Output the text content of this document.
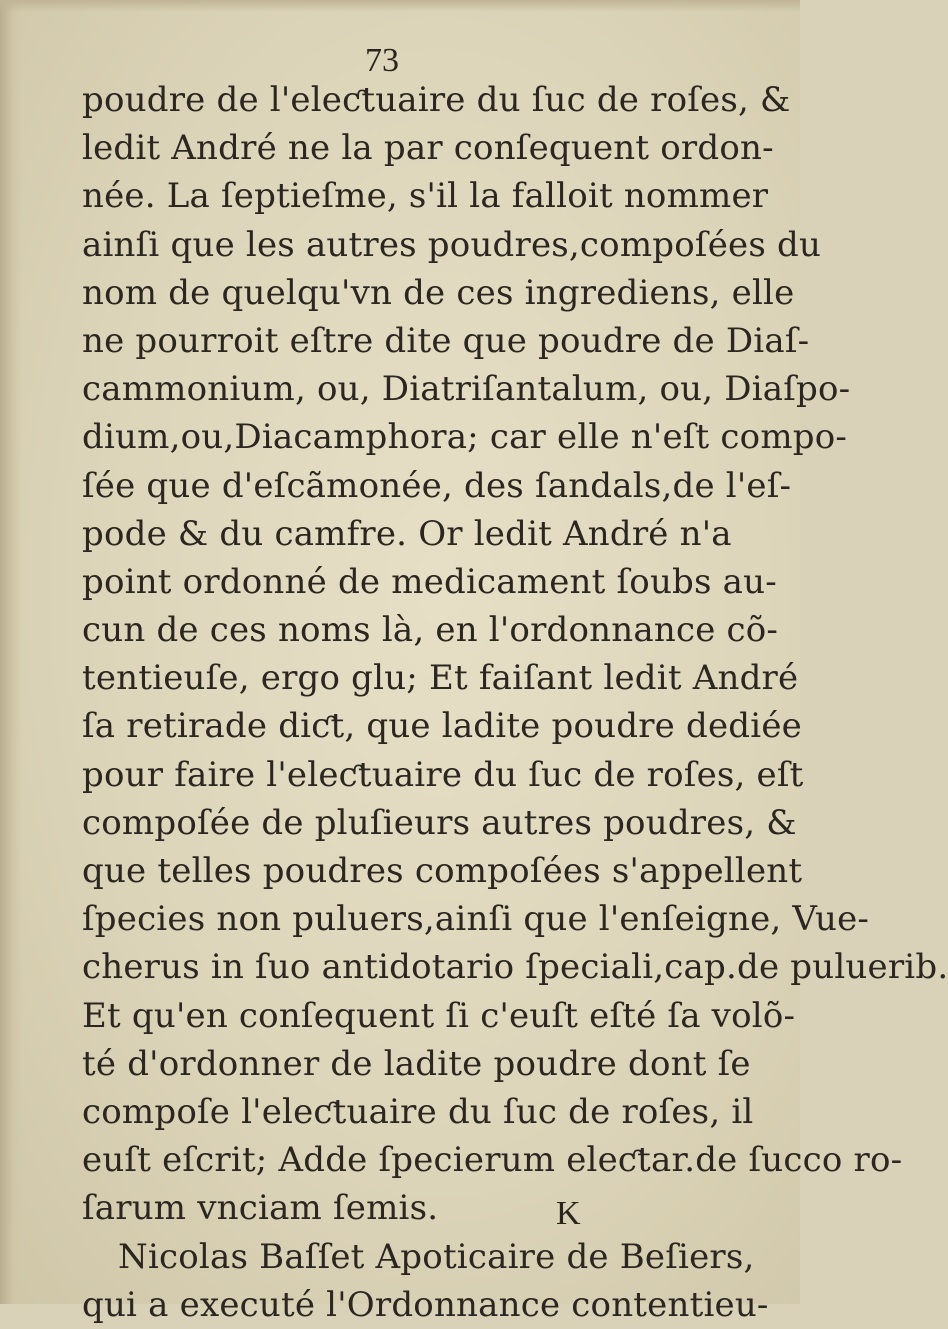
73
poudre de l'eleƈtuaire du ſuc de roſes, &
ledit André ne la par conſequent ordon-
née. La ſeptieſme, s'il la falloit nommer
ainſi que les autres poudres,compoſées du
nom de quelqu'vn de ces ingrediens, elle
ne pourroit eſtre dite que poudre de Diaſ-
cammonium, ou, Diatriſantalum, ou, Diaſpo-
dium,ou,Diacamphora; car elle n'eſt compo-
ſée que d'eſcãmonée, des ſandals,de l'eſ-
pode & du camfre. Or ledit André n'a
point ordonné de medicament ſoubs au-
cun de ces noms là, en l'ordonnance cõ-
tentieuſe, ergo glu; Et faiſant ledit André
ſa retirade diƈt, que ladite poudre dediée
pour faire l'eleƈtuaire du ſuc de roſes, eſt
compoſée de pluſieurs autres poudres, &
que telles poudres compoſées s'appellent
ſpecies non puluers,ainſi que l'enſeigne, Vue-
cherus in ſuo antidotario ſpeciali,cap.de puluerib.
Et qu'en conſequent ſi c'euſt eſté ſa volõ-
té d'ordonner de ladite poudre dont ſe
compoſe l'eleƈtuaire du ſuc de roſes, il
euſt eſcrit; Adde ſpecierum eleƈtar.de ſucco ro-
ſarum vnciam ſemis.
Nicolas Baſſet Apoticaire de Beſiers,
qui a executé l'Ordonnance contentieu-
K
